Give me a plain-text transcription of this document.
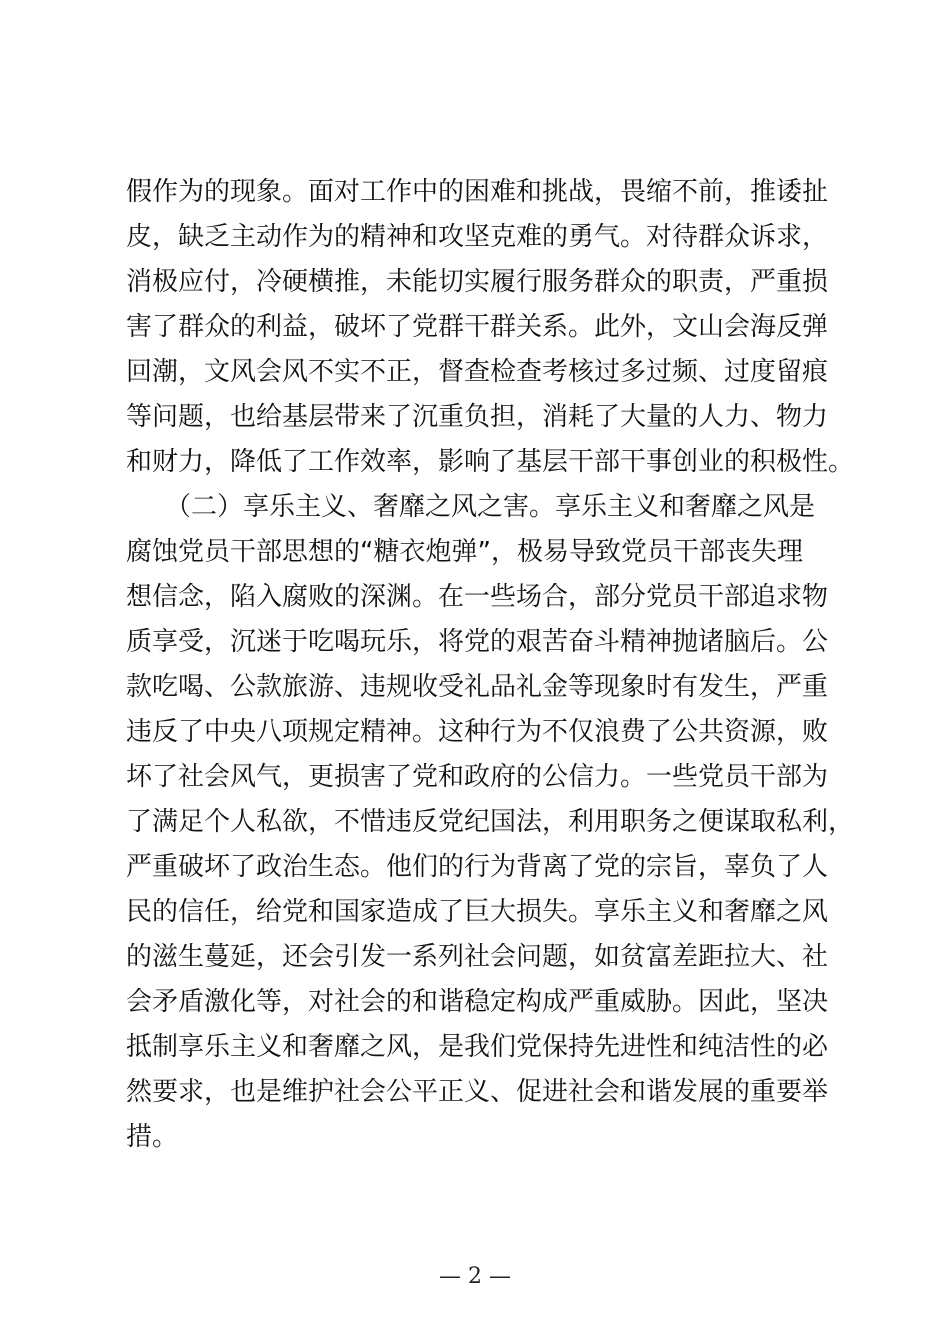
假作为的现象。面对工作中的困难和挑战，畏缩不前，推诿扯
皮，缺乏主动作为的精神和攻坚克难的勇气。对待群众诉求，
消极应付，冷硬横推，未能切实履行服务群众的职责，严重损
害了群众的利益，破坏了党群干群关系。此外，文山会海反弹
回潮，文风会风不实不正，督查检查考核过多过频、过度留痕
等问题，也给基层带来了沉重负担，消耗了大量的人力、物力
和财力，降低了工作效率，影响了基层干部干事创业的积极性。
　　（二）享乐主义、奢靡之风之害。享乐主义和奢靡之风是
腐蚀党员干部思想的“糖衣炮弹”，极易导致党员干部丧失理
想信念，陷入腐败的深渊。在一些场合，部分党员干部追求物
质享受，沉迷于吃喝玩乐，将党的艰苦奋斗精神抛诸脑后。公
款吃喝、公款旅游、违规收受礼品礼金等现象时有发生，严重
违反了中央八项规定精神。这种行为不仅浪费了公共资源，败
坏了社会风气，更损害了党和政府的公信力。一些党员干部为
了满足个人私欲，不惜违反党纪国法，利用职务之便谋取私利，
严重破坏了政治生态。他们的行为背离了党的宗旨，辜负了人
民的信任，给党和国家造成了巨大损失。享乐主义和奢靡之风
的滋生蔓延，还会引发一系列社会问题，如贫富差距拉大、社
会矛盾激化等，对社会的和谐稳定构成严重威胁。因此，坚决
抵制享乐主义和奢靡之风，是我们党保持先进性和纯洁性的必
然要求，也是维护社会公平正义、促进社会和谐发展的重要举
措。
— 2 —
